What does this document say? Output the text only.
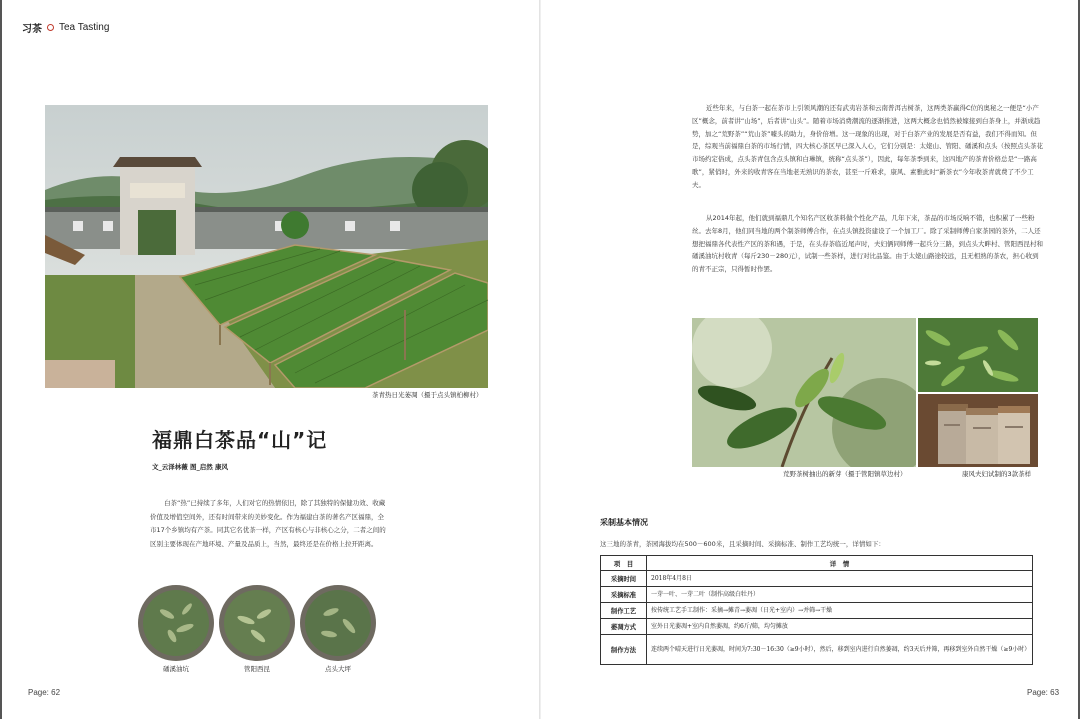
习茶 Tea Tasting
茶青热日光萎凋（摄于点头镇柏柳村）
福鼎白茶品“山”记
文_云泽林薇 图_启然 康风
白茶“热”已持续了多年，人们对它的热情依旧，除了其独特的保健功效、收藏价值及增值空间外，还有时间带来的美妙变化。作为福建白茶的著名产区福鼎，全市17个乡镇均有产茶。同其它名优茶一样，产区有核心与非核心之分，二者之间的区别主要体现在产地环境、产量及品质上，当然，最终还是在价格上拉开距离。
磻溪油坑	管阳西昆	点头大坪
近些年来，与白茶一起在茶市上引领风潮的还有武夷岩茶和云南普洱古树茶，这两类茶赢得C位的奥秘之一便是“小产区”概念，前者讲“山场”，后者讲“山头”。随着市场消费潮流的逐渐推进，这两大概念也悄然被嫁接到白茶身上，并渐成趋势，加之“荒野茶”“荒山茶”噱头的助力，身价倍增。这一现象的出现，对于白茶产业的发展是否有益，我们不得而知。但是，综观当前福鼎白茶的市场行情，四大核心茶区早已深入人心，它们分别是：太姥山、管阳、磻溪和点头（按照点头茶花市场约定俗成，点头茶青包含点头镇和白琳镇，统称“点头茶”），因此，每年茶季到来，这四地产的茶青价格总是“一路高歌”，紧俏时，外来的收青客在当地老无熟识的茶农，甚至一斤难求，康风、素雅此时“新茶衣”今年收茶青就费了不少工夫。
从2014年起，他们就到福鼎几个知名产区收茶料做个性化产品，几年下来，茶品的市场反响不错，也积累了一些粉丝。去年8月，他们同当地的两个制茶师傅合作，在点头镇投资建设了一个加工厂。除了采制师傅自家茶园的茶外，二人还想把福鼎各代表性产区的茶和遇，于是，在头春茶临近尾声时，夫妇俩同师傅一起兵分三路，到点头大畔村、管阳西昆村和磻溪油坑村收青（每斤230－280元），试制一些茶样，进行对比品鉴。由于太姥山路途较远，且无相熟的茶农，担心收到的青不正宗，只得暂时作罢。
荒野茶树抽出的新芽（摄于管阳镇草边村）	康风夫妇试制的3款茶样
采制基本情况
这三地的茶青，茶园海拔均在500－600米，且采摘时间、采摘标准、制作工艺均统一，详情如下：
项　目	详　情
采摘时间	2018年4月8日
采摘标准	一芽一叶、一芽二叶（制作高级白牡丹）
制作工艺	按传统工艺手工制作：采摘→摊青→萎凋（日光+室内）→并筛→干燥
萎凋方式	室外日光萎凋+室内自然萎凋，约6斤/筛，均匀摊放
制作方法	连续两个晴天进行日光萎凋，时间为7:30－16:30（≥9小时），然后，移到室内进行自然萎凋，约3天后并筛，再移到室外自然干燥（≥9小时）
Page: 62	Page: 63
